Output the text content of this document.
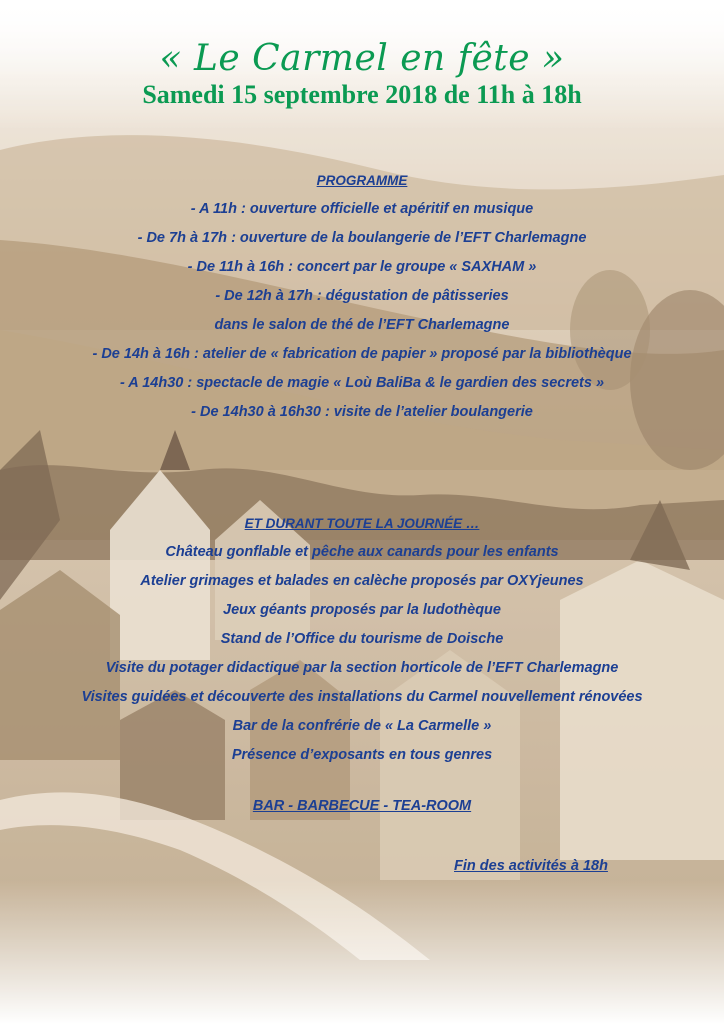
« Le Carmel en fête »
Samedi 15 septembre 2018 de 11h à 18h
PROGRAMME
- A 11h : ouverture officielle et apéritif en musique
- De 7h à 17h : ouverture de la boulangerie de l’EFT Charlemagne
- De 11h à 16h : concert par le groupe « SAXHAM »
- De 12h à 17h : dégustation de pâtisseries
dans le salon de thé de l’EFT Charlemagne
- De 14h à 16h : atelier de « fabrication de papier » proposé par la bibliothèque
- A 14h30 : spectacle de magie « Loù BaliBa & le gardien des secrets »
- De 14h30 à 16h30 : visite de l’atelier boulangerie
ET DURANT TOUTE LA JOURNÉE …
Château gonflable et pêche aux canards pour les enfants
Atelier grimages et balades en calèche proposés par OXYjeunes
Jeux géants proposés par la ludothèque
Stand de l’Office du tourisme de Doische
Visite du potager didactique par la section horticole de l’EFT Charlemagne
Visites guidées et découverte des installations du Carmel nouvellement rénovées
Bar de la confrérie de « La Carmelle »
Présence d’exposants en tous genres
BAR - BARBECUE - TEA-ROOM
Fin des activités à 18h
